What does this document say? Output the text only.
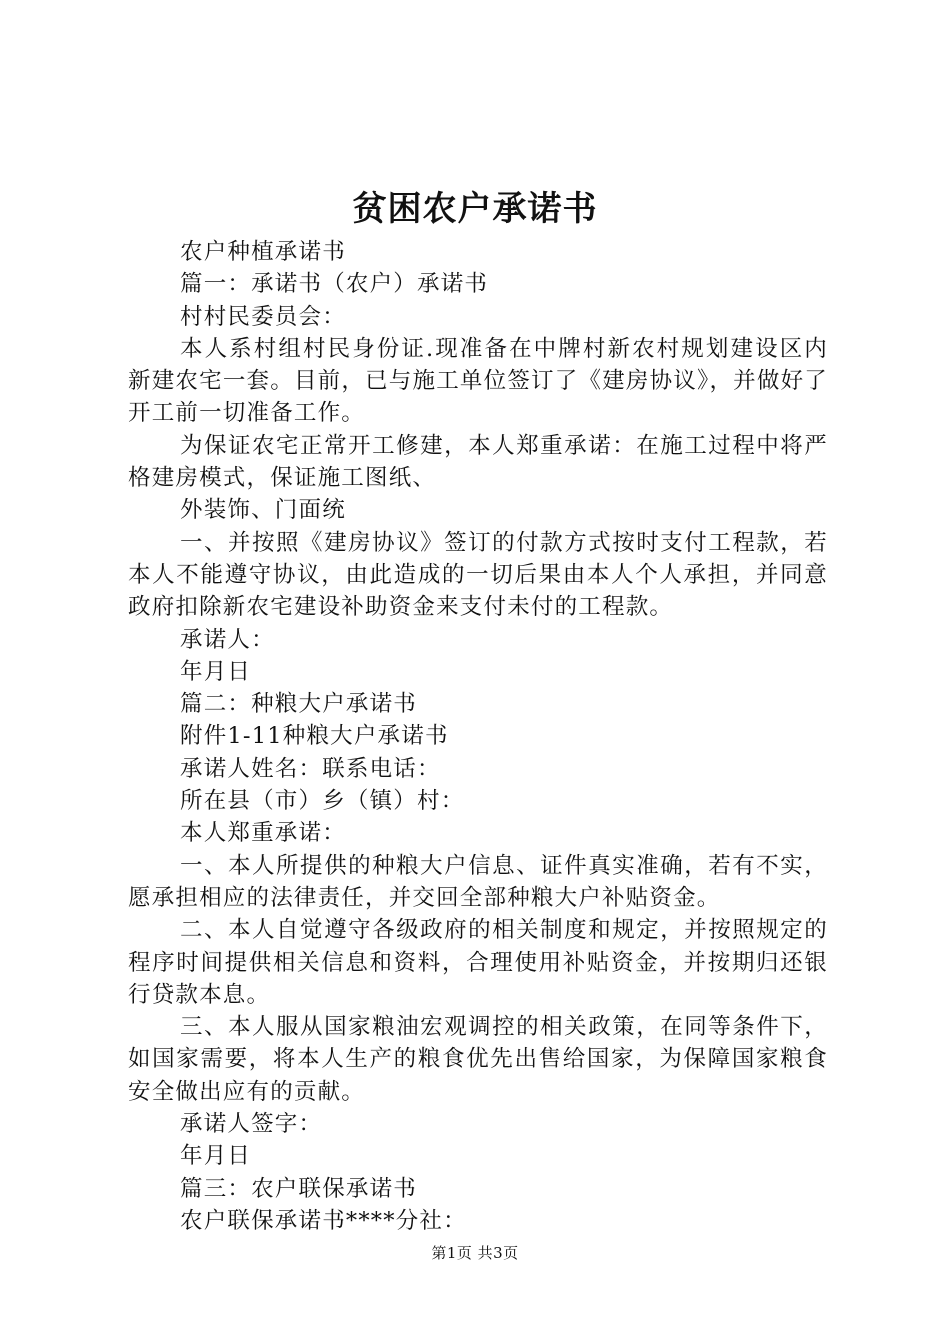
贫困农户承诺书

农户种植承诺书

篇一：承诺书（农户）承诺书

村村民委员会：

本人系村组村民身份证.现准备在中牌村新农村规划建设区内新建农宅一套。目前，已与施工单位签订了《建房协议》，并做好了开工前一切准备工作。

为保证农宅正常开工修建，本人郑重承诺：在施工过程中将严格建房模式，保证施工图纸、

外装饰、门面统

一、并按照《建房协议》签订的付款方式按时支付工程款，若本人不能遵守协议，由此造成的一切后果由本人个人承担，并同意政府扣除新农宅建设补助资金来支付未付的工程款。

承诺人：

年月日

篇二：种粮大户承诺书

附件1-11种粮大户承诺书

承诺人姓名：联系电话：

所在县（市）乡（镇）村：

本人郑重承诺：

一、本人所提供的种粮大户信息、证件真实准确，若有不实，愿承担相应的法律责任，并交回全部种粮大户补贴资金。

二、本人自觉遵守各级政府的相关制度和规定，并按照规定的程序时间提供相关信息和资料，合理使用补贴资金，并按期归还银行贷款本息。

三、本人服从国家粮油宏观调控的相关政策，在同等条件下，如国家需要，将本人生产的粮食优先出售给国家，为保障国家粮食安全做出应有的贡献。

承诺人签字：

年月日

篇三：农户联保承诺书

农户联保承诺书****分社：

第1页 共3页
